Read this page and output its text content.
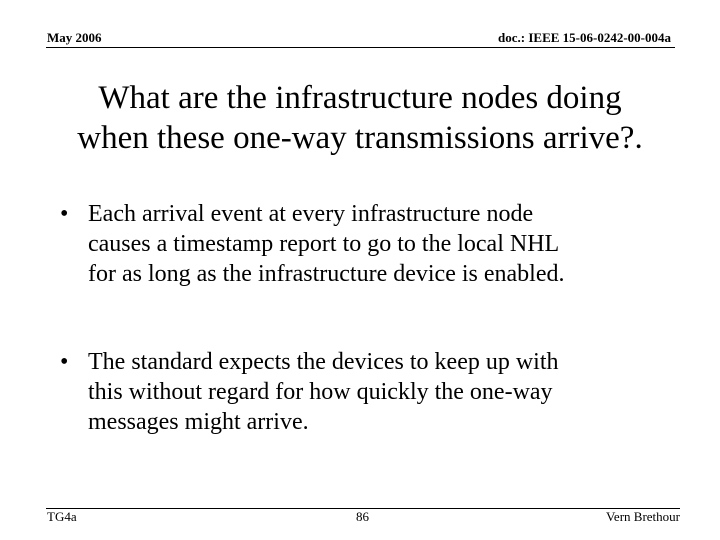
May 2006	doc.: IEEE 15-06-0242-00-004a
What are the infrastructure nodes doing
when these one-way transmissions arrive?.
• Each arrival event at every infrastructure node
causes a timestamp report to go to the local NHL
for as long as the infrastructure device is enabled.
• The standard expects the devices to keep up with
this without regard for how quickly the one-way
messages might arrive.
TG4a	86	Vern Brethour
